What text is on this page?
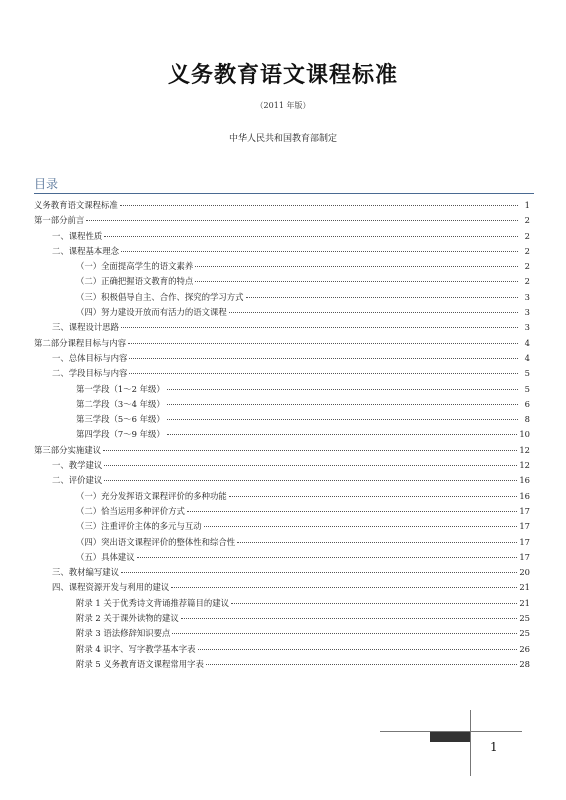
义务教育语文课程标准
（2011 年版）
中华人民共和国教育部制定
目录
义务教育语文课程标准	1
第一部分前言	2
一、课程性质	2
二、课程基本理念	2
（一）全面提高学生的语文素养	2
（二）正确把握语文教育的特点	2
（三）积极倡导自主、合作、探究的学习方式	3
（四）努力建设开放而有活力的语文课程	3
三、课程设计思路	3
第二部分课程目标与内容	4
一、总体目标与内容	4
二、学段目标与内容	5
第一学段（1～2 年级）	5
第二学段（3～4 年级）	6
第三学段（5～6 年级）	8
第四学段（7～9 年级）	10
第三部分实施建议	12
一、教学建议	12
二、评价建议	16
（一）充分发挥语文课程评价的多种功能	16
（二）恰当运用多种评价方式	17
（三）注重评价主体的多元与互动	17
（四）突出语文课程评价的整体性和综合性	17
（五）具体建议	17
三、教材编写建议	20
四、课程资源开发与利用的建议	21
附录 1 关于优秀诗文背诵推荐篇目的建议	21
附录 2 关于课外读物的建议	25
附录 3 语法修辞知识要点	25
附录 4 识字、写字教学基本字表	26
附录 5 义务教育语文课程常用字表	28
1
